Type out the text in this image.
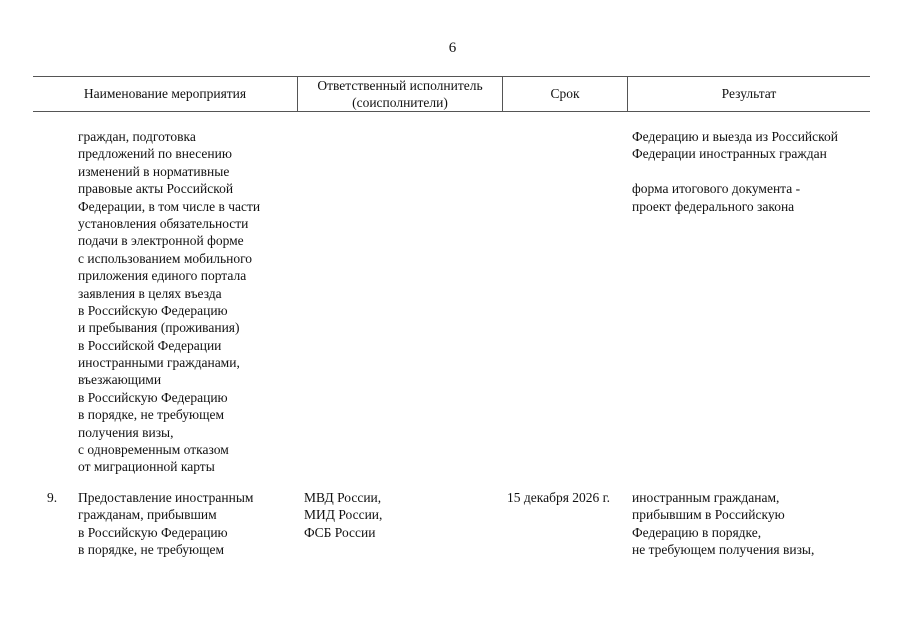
6
Наименование мероприятия
Ответственный исполнитель
(соисполнители)
Срок	Результат
граждан, подготовка
предложений по внесению
изменений в нормативные
правовые акты Российской
Федерации, в том числе в части
установления обязательности
подачи в электронной форме
с использованием мобильного
приложения единого портала
заявления в целях въезда
в Российскую Федерацию
и пребывания (проживания)
в Российской Федерации
иностранными гражданами,
въезжающими
в Российскую Федерацию
в порядке, не требующем
получения визы,
с одновременным отказом
от миграционной карты
Федерацию и выезда из Российской
Федерации иностранных граждан
форма итогового документа -
проект федерального закона
9. Предоставление иностранным
гражданам, прибывшим
в Российскую Федерацию
в порядке, не требующем
МВД России,
МИД России,
ФСБ России
15 декабря 2026 г. иностранным гражданам,
прибывшим в Российскую
Федерацию в порядке,
не требующем получения визы,
